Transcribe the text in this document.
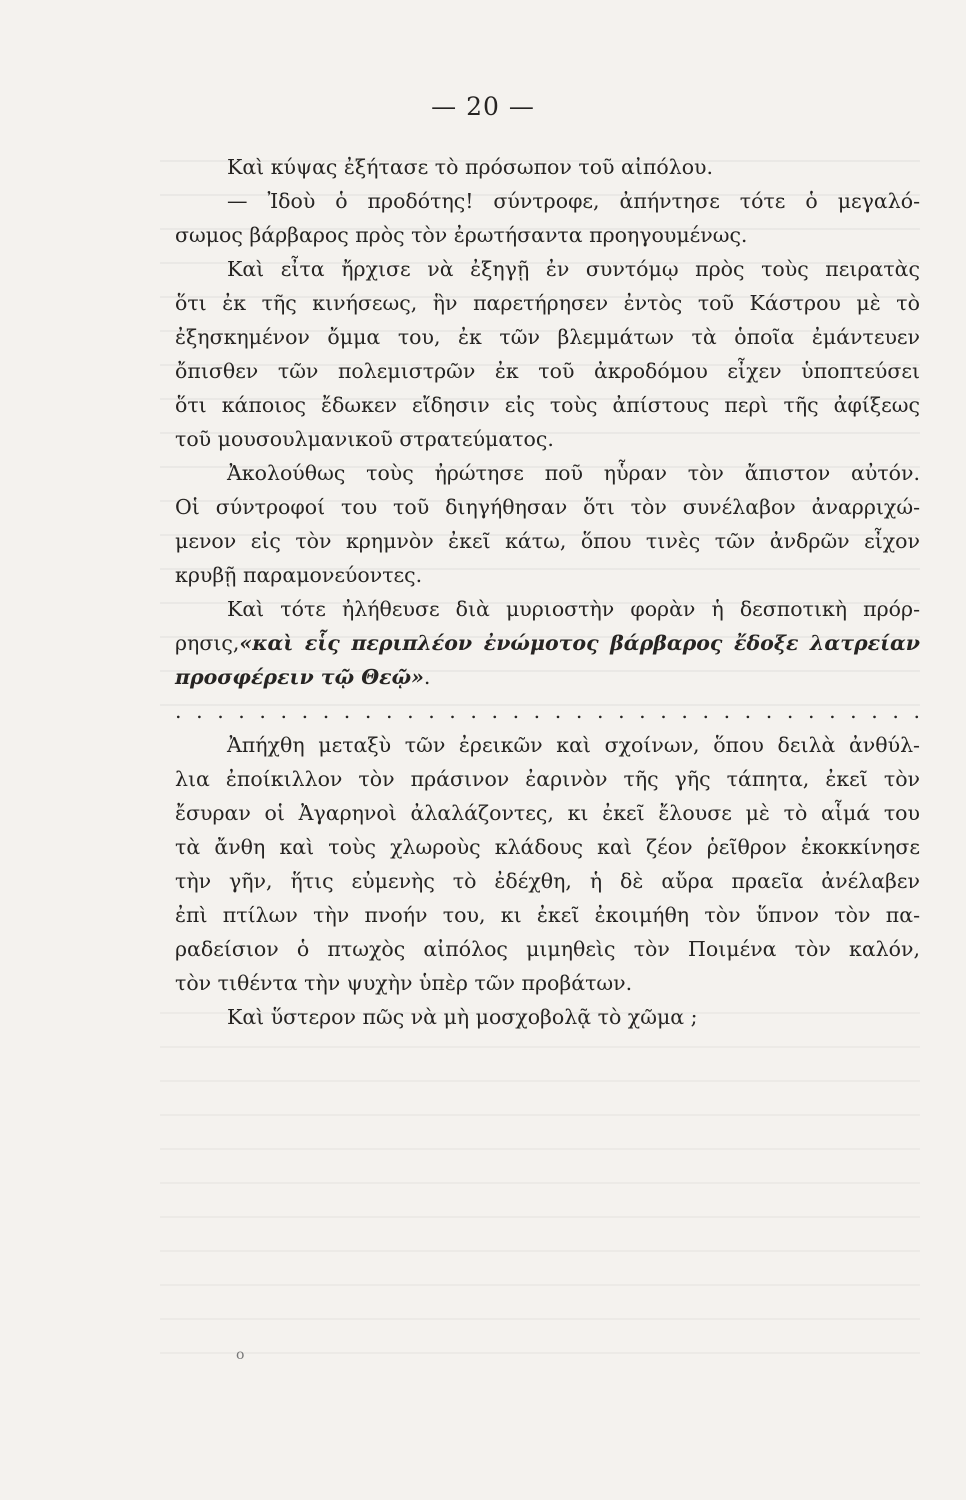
— 20 —
Καὶ κύψας ἐξήτασε τὸ πρόσωπον τοῦ αἰπόλου.
— Ἰδοὺ ὁ προδότης! σύντροφε, ἀπήντησε τότε ὁ μεγαλό-
σωμος βάρβαρος πρὸς τὸν ἐρωτήσαντα προηγουμένως.
Καὶ εἶτα ἤρχισε νὰ ἐξηγῇ ἐν συντόμῳ πρὸς τοὺς πειρατὰς
ὅτι ἐκ τῆς κινήσεως, ἣν παρετήρησεν ἐντὸς τοῦ Κάστρου μὲ τὸ
ἐξησκημένον ὄμμα του, ἐκ τῶν βλεμμάτων τὰ ὁποῖα ἐμάντευεν
ὄπισθεν τῶν πολεμιστρῶν ἐκ τοῦ ἀκροδόμου εἶχεν ὑποπτεύσει
ὅτι κάποιος ἔδωκεν εἴδησιν εἰς τοὺς ἀπίστους περὶ τῆς ἀφίξεως
τοῦ μουσουλμανικοῦ στρατεύματος.
Ἀκολούθως τοὺς ἠρώτησε ποῦ ηὗραν τὸν ἄπιστον αὐτόν.
Οἱ σύντροφοί του τοῦ διηγήθησαν ὅτι τὸν συνέλαβον ἀναρριχώ-
μενον εἰς τὸν κρημνὸν ἐκεῖ κάτω, ὅπου τινὲς τῶν ἀνδρῶν εἶχον
κρυβῇ παραμονεύοντες.
Καὶ τότε ἠλήθευσε διὰ μυριοστὴν φορὰν ἡ δεσποτικὴ πρόρ-
ρησις,«καὶ εἷς περιπλέον ἐνώμοτος βάρβαρος ἔδοξε λατρείαν
προσφέρειν τῷ Θεῷ».
. . . . . . . . . . . . . . . . . . . . . . . . . . . . . . . . . . . .
Ἀπήχθη μεταξὺ τῶν ἐρεικῶν καὶ σχοίνων, ὅπου δειλὰ ἀνθύλ-
λια ἐποίκιλλον τὸν πράσινον ἐαρινὸν τῆς γῆς τάπητα, ἐκεῖ τὸν
ἔσυραν οἱ Ἀγαρηνοὶ ἀλαλάζοντες, κι ἐκεῖ ἔλουσε μὲ τὸ αἷμά του
τὰ ἄνθη καὶ τοὺς χλωροὺς κλάδους καὶ ζέον ῥεῖθρον ἐκοκκίνησε
τὴν γῆν, ἥτις εὐμενὴς τὸ ἐδέχθη, ἡ δὲ αὔρα πραεῖα ἀνέλαβεν
ἐπὶ πτίλων τὴν πνοήν του, κι ἐκεῖ ἐκοιμήθη τὸν ὕπνον τὸν πα-
ραδείσιον ὁ πτωχὸς αἰπόλος μιμηθεὶς τὸν Ποιμένα τὸν καλόν,
τὸν τιθέντα τὴν ψυχὴν ὑπὲρ τῶν προβάτων.
Καὶ ὕστερον πῶς νὰ μὴ μοσχοβολᾷ τὸ χῶμα ;
o
